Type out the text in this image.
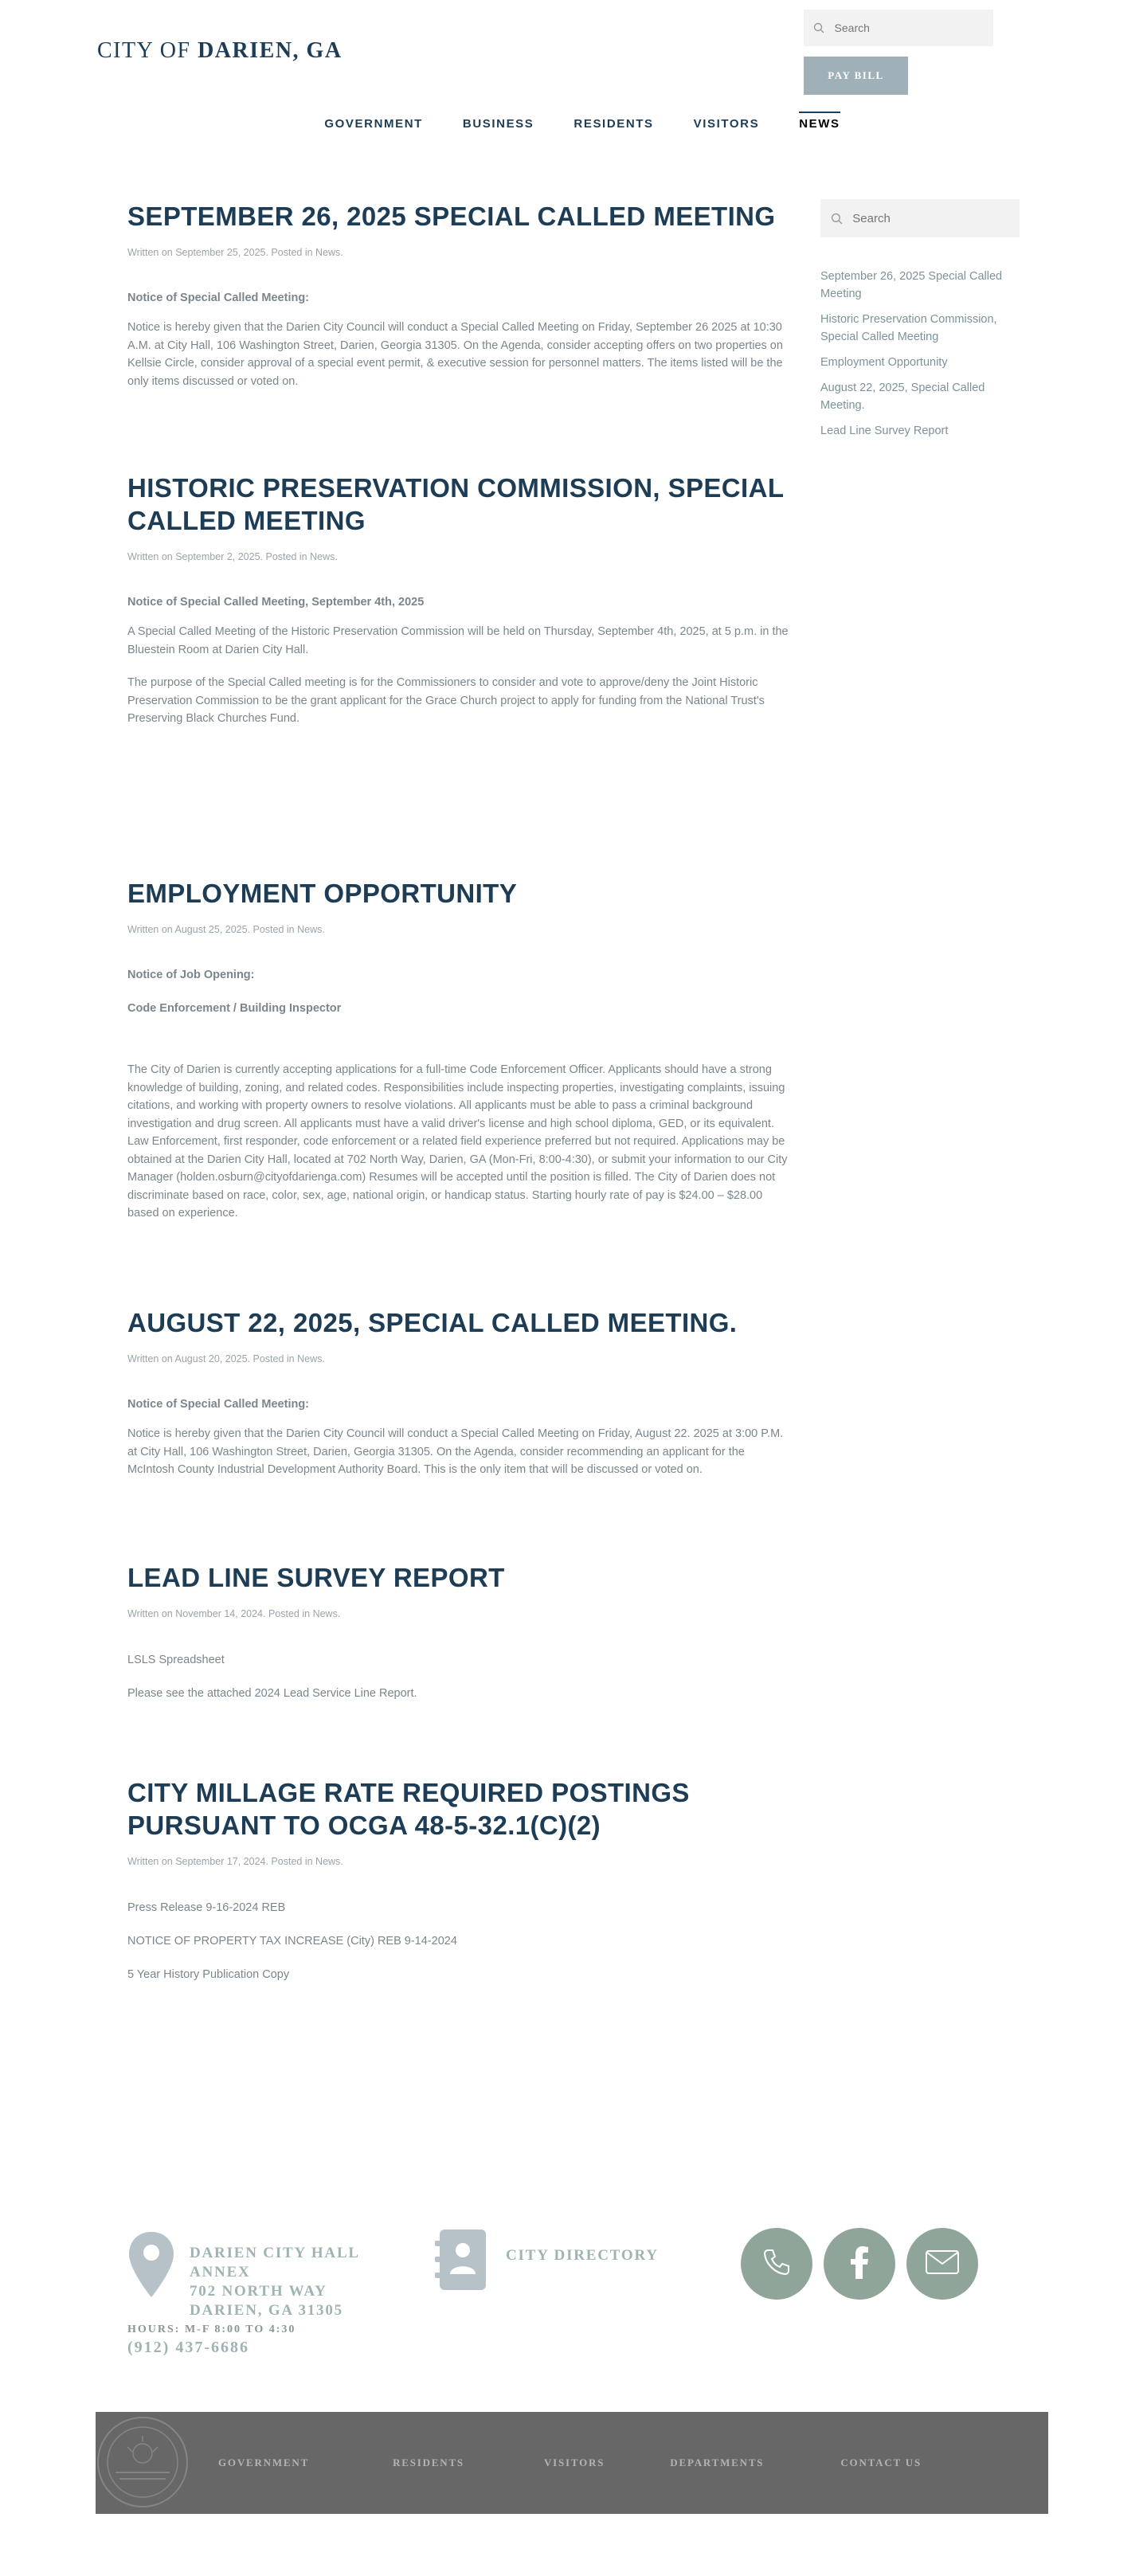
CITY OF DARIEN, GA
Search
PAY BILL
GOVERNMENT	BUSINESS	RESIDENTS	VISITORS	NEWS
SEPTEMBER 26, 2025 SPECIAL CALLED MEETING
Written on September 25, 2025. Posted in News.
Notice of Special Called Meeting:

Notice is hereby given that the Darien City Council will conduct a Special Called Meeting on Friday, September 26 2025 at 10:30 A.M. at City Hall, 106 Washington Street, Darien, Georgia 31305. On the Agenda, consider accepting offers on two properties on Kellsie Circle, consider approval of a special event permit, & executive session for personnel matters. The items listed will be the only items discussed or voted on.

HISTORIC PRESERVATION COMMISSION, SPECIAL CALLED MEETING
Written on September 2, 2025. Posted in News.
Notice of Special Called Meeting, September 4th, 2025

A Special Called Meeting of the Historic Preservation Commission will be held on Thursday, September 4th, 2025, at 5 p.m. in the Bluestein Room at Darien City Hall.

The purpose of the Special Called meeting is for the Commissioners to consider and vote to approve/deny the Joint Historic Preservation Commission to be the grant applicant for the Grace Church project to apply for funding from the National Trust's Preserving Black Churches Fund.

EMPLOYMENT OPPORTUNITY
Written on August 25, 2025. Posted in News.
Notice of Job Opening:
Code Enforcement / Building Inspector

The City of Darien is currently accepting applications for a full-time Code Enforcement Officer. Applicants should have a strong knowledge of building, zoning, and related codes. Responsibilities include inspecting properties, investigating complaints, issuing citations, and working with property owners to resolve violations. All applicants must be able to pass a criminal background investigation and drug screen. All applicants must have a valid driver's license and high school diploma, GED, or its equivalent. Law Enforcement, first responder, code enforcement or a related field experience preferred but not required. Applications may be obtained at the Darien City Hall, located at 702 North Way, Darien, GA (Mon-Fri, 8:00-4:30), or submit your information to our City Manager (holden.osburn@cityofdarienga.com) Resumes will be accepted until the position is filled. The City of Darien does not discriminate based on race, color, sex, age, national origin, or handicap status. Starting hourly rate of pay is $24.00 – $28.00 based on experience.

AUGUST 22, 2025, SPECIAL CALLED MEETING.
Written on August 20, 2025. Posted in News.
Notice of Special Called Meeting:

Notice is hereby given that the Darien City Council will conduct a Special Called Meeting on Friday, August 22. 2025 at 3:00 P.M. at City Hall, 106 Washington Street, Darien, Georgia 31305. On the Agenda, consider recommending an applicant for the McIntosh County Industrial Development Authority Board. This is the only item that will be discussed or voted on.

LEAD LINE SURVEY REPORT
Written on November 14, 2024. Posted in News.
LSLS Spreadsheet

Please see the attached 2024 Lead Service Line Report.

CITY MILLAGE RATE REQUIRED POSTINGS PURSUANT TO OCGA 48-5-32.1(C)(2)
Written on September 17, 2024. Posted in News.
Press Release 9-16-2024 REB
NOTICE OF PROPERTY TAX INCREASE (City) REB 9-14-2024
5 Year History Publication Copy
Search
September 26, 2025 Special Called Meeting
Historic Preservation Commission, Special Called Meeting
Employment Opportunity
August 22, 2025, Special Called Meeting.
Lead Line Survey Report
DARIEN CITY HALL ANNEX
702 NORTH WAY
DARIEN, GA 31305
HOURS: M-F 8:00 TO 4:30
(912) 437-6686
CITY DIRECTORY
GOVERNMENT	RESIDENTS	VISITORS	DEPARTMENTS	CONTACT US
